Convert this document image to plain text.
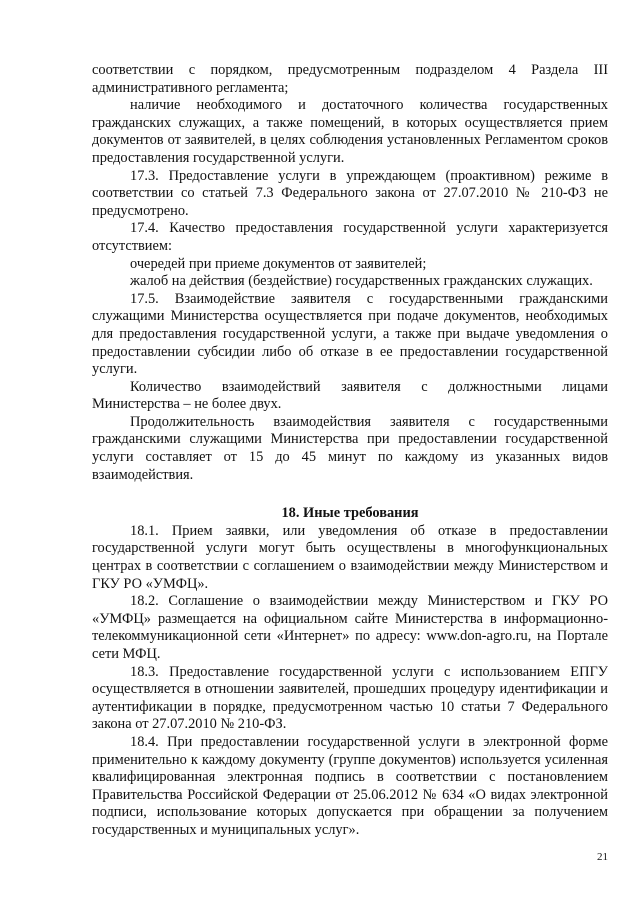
соответствии с порядком, предусмотренным подразделом 4 Раздела III административного регламента;

наличие необходимого и достаточного количества государственных гражданских служащих, а также помещений, в которых осуществляется прием документов от заявителей, в целях соблюдения установленных Регламентом сроков предоставления государственной услуги.

17.3. Предоставление услуги в упреждающем (проактивном) режиме в соответствии со статьей 7.3 Федерального закона от 27.07.2010 № 210-ФЗ не предусмотрено.

17.4. Качество предоставления государственной услуги характеризуется отсутствием:

очередей при приеме документов от заявителей;

жалоб на действия (бездействие) государственных гражданских служащих.

17.5. Взаимодействие заявителя с государственными гражданскими служащими Министерства осуществляется при подаче документов, необходимых для предоставления государственной услуги, а также при выдаче уведомления о предоставлении субсидии либо об отказе в ее предоставлении государственной услуги.

Количество взаимодействий заявителя с должностными лицами Министерства – не более двух.

Продолжительность взаимодействия заявителя с государственными гражданскими служащими Министерства при предоставлении государственной услуги составляет от 15 до 45 минут по каждому из указанных видов взаимодействия.

18. Иные требования

18.1. Прием заявки, или уведомления об отказе в предоставлении государственной услуги могут быть осуществлены в многофункциональных центрах в соответствии с соглашением о взаимодействии между Министерством и ГКУ РО «УМФЦ».

18.2. Соглашение о взаимодействии между Министерством и ГКУ РО «УМФЦ» размещается на официальном сайте Министерства в информационно-телекоммуникационной сети «Интернет» по адресу: www.don-agro.ru, на Портале сети МФЦ.

18.3. Предоставление государственной услуги с использованием ЕПГУ осуществляется в отношении заявителей, прошедших процедуру идентификации и аутентификации в порядке, предусмотренном частью 10 статьи 7 Федерального закона от 27.07.2010 № 210-ФЗ.

18.4. При предоставлении государственной услуги в электронной форме применительно к каждому документу (группе документов) используется усиленная квалифицированная электронная подпись в соответствии с постановлением Правительства Российской Федерации от 25.06.2012 № 634 «О видах электронной подписи, использование которых допускается при обращении за получением государственных и муниципальных услуг».

21
